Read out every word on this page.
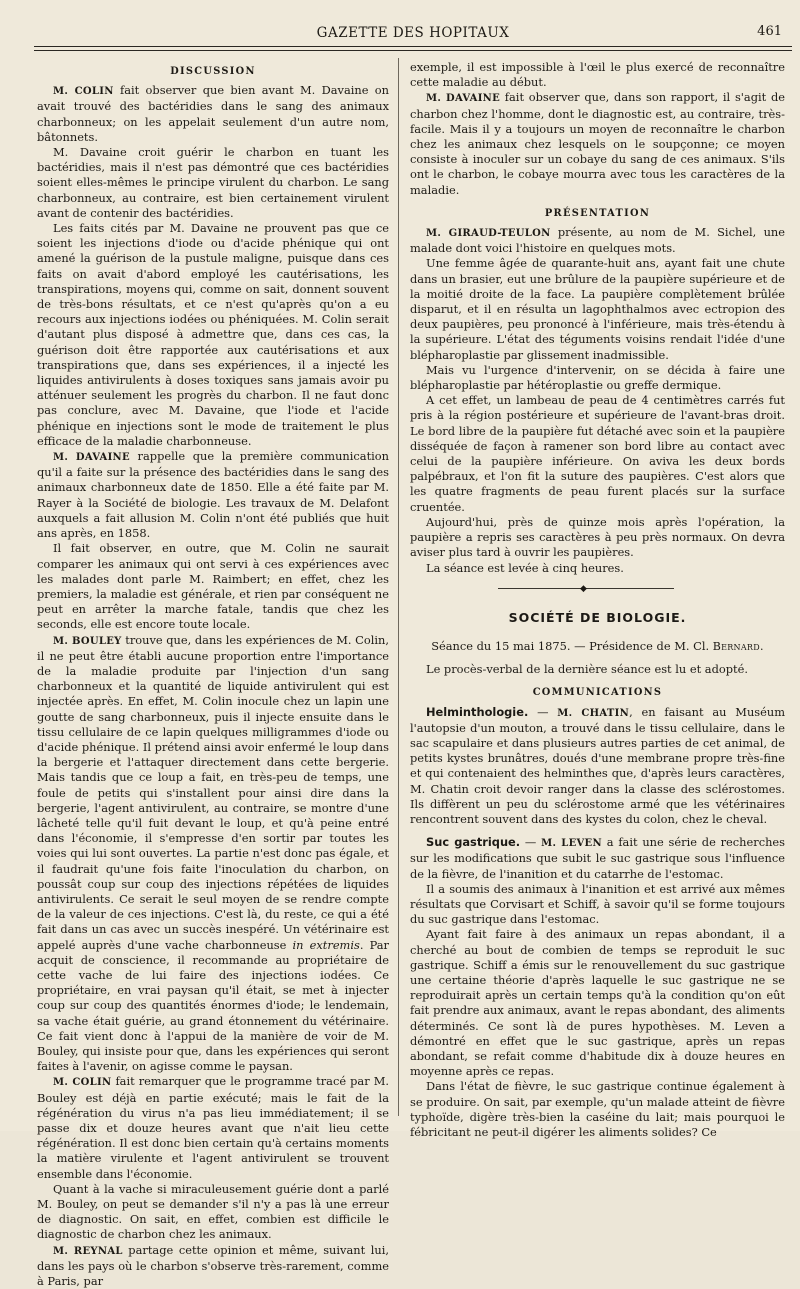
GAZETTE DES HOPITAUX	461
DISCUSSION

M. COLIN fait observer que bien avant M. Davaine on avait trouvé des bactéridies dans le sang des animaux charbonneux; on les appelait seulement d'un autre nom, bâtonnets.

M. Davaine croit guérir le charbon en tuant les bactéridies, mais il n'est pas démontré que ces bactéridies soient elles-mêmes le principe virulent du charbon. Le sang charbonneux, au contraire, est bien certainement virulent avant de contenir des bactéridies.

Les faits cités par M. Davaine ne prouvent pas que ce soient les injections d'iode ou d'acide phénique qui ont amené la guérison de la pustule maligne, puisque dans ces faits on avait d'abord employé les cautérisations, les transpirations, moyens qui, comme on sait, donnent souvent de très-bons résultats, et ce n'est qu'après qu'on a eu recours aux injections iodées ou phéniquées. M. Colin serait d'autant plus disposé à admettre que, dans ces cas, la guérison doit être rapportée aux cautérisations et aux transpirations que, dans ses expériences, il a injecté les liquides antivirulents à doses toxiques sans jamais avoir pu atténuer seulement les progrès du charbon. Il ne faut donc pas conclure, avec M. Davaine, que l'iode et l'acide phénique en injections sont le mode de traitement le plus efficace de la maladie charbonneuse.

M. DAVAINE rappelle que la première communication qu'il a faite sur la présence des bactéridies dans le sang des animaux charbonneux date de 1850. Elle a été faite par M. Rayer à la Société de biologie. Les travaux de M. Delafont auxquels a fait allusion M. Colin n'ont été publiés que huit ans après, en 1858.

Il fait observer, en outre, que M. Colin ne saurait comparer les animaux qui ont servi à ces expériences avec les malades dont parle M. Raimbert; en effet, chez les premiers, la maladie est générale, et rien par conséquent ne peut en arrêter la marche fatale, tandis que chez les seconds, elle est encore toute locale.

M. BOULEY trouve que, dans les expériences de M. Colin, il ne peut être établi aucune proportion entre l'importance de la maladie produite par l'injection d'un sang charbonneux et la quantité de liquide antivirulent qui est injectée après. En effet, M. Colin inocule chez un lapin une goutte de sang charbonneux, puis il injecte ensuite dans le tissu cellulaire de ce lapin quelques milligrammes d'iode ou d'acide phénique. Il prétend ainsi avoir enfermé le loup dans la bergerie et l'attaquer directement dans cette bergerie. Mais tandis que ce loup a fait, en très-peu de temps, une foule de petits qui s'installent pour ainsi dire dans la bergerie, l'agent antivirulent, au contraire, se montre d'une lâcheté telle qu'il fuit devant le loup, et qu'à peine entré dans l'économie, il s'empresse d'en sortir par toutes les voies qui lui sont ouvertes. La partie n'est donc pas égale, et il faudrait qu'une fois faite l'inoculation du charbon, on poussât coup sur coup des injections répétées de liquides antivirulents. Ce serait le seul moyen de se rendre compte de la valeur de ces injections. C'est là, du reste, ce qui a été fait dans un cas avec un succès inespéré. Un vétérinaire est appelé auprès d'une vache charbonneuse in extremis. Par acquit de conscience, il recommande au propriétaire de cette vache de lui faire des injections iodées. Ce propriétaire, en vrai paysan qu'il était, se met à injecter coup sur coup des quantités énormes d'iode; le lendemain, sa vache était guérie, au grand étonnement du vétérinaire. Ce fait vient donc à l'appui de la manière de voir de M. Bouley, qui insiste pour que, dans les expériences qui seront faites à l'avenir, on agisse comme le paysan.

M. COLIN fait remarquer que le programme tracé par M. Bouley est déjà en partie exécuté; mais le fait de la régénération du virus n'a pas lieu immédiatement; il se passe dix et douze heures avant que n'ait lieu cette régénération. Il est donc bien certain qu'à certains moments la matière virulente et l'agent antivirulent se trouvent ensemble dans l'économie.

Quant à la vache si miraculeusement guérie dont a parlé M. Bouley, on peut se demander s'il n'y a pas là une erreur de diagnostic. On sait, en effet, combien est difficile le diagnostic de charbon chez les animaux.

M. REYNAL partage cette opinion et même, suivant lui, dans les pays où le charbon s'observe très-rarement, comme à Paris, par

exemple, il est impossible à l'œil le plus exercé de reconnaître cette maladie au début.

M. DAVAINE fait observer que, dans son rapport, il s'agit de charbon chez l'homme, dont le diagnostic est, au contraire, très-facile. Mais il y a toujours un moyen de reconnaître le charbon chez les animaux chez lesquels on le soupçonne; ce moyen consiste à inoculer sur un cobaye du sang de ces animaux. S'ils ont le charbon, le cobaye mourra avec tous les caractères de la maladie.

PRÉSENTATION

M. GIRAUD-TEULON présente, au nom de M. Sichel, une malade dont voici l'histoire en quelques mots.

Une femme âgée de quarante-huit ans, ayant fait une chute dans un brasier, eut une brûlure de la paupière supérieure et de la moitié droite de la face. La paupière complètement brûlée disparut, et il en résulta un lagophthalmos avec ectropion des deux paupières, peu prononcé à l'inférieure, mais très-étendu à la supérieure. L'état des téguments voisins rendait l'idée d'une blépharoplastie par glissement inadmissible.

Mais vu l'urgence d'intervenir, on se décida à faire une blépharoplastie par hétéroplastie ou greffe dermique.

A cet effet, un lambeau de peau de 4 centimètres carrés fut pris à la région postérieure et supérieure de l'avant-bras droit. Le bord libre de la paupière fut détaché avec soin et la paupière disséquée de façon à ramener son bord libre au contact avec celui de la paupière inférieure. On aviva les deux bords palpébraux, et l'on fit la suture des paupières. C'est alors que les quatre fragments de peau furent placés sur la surface cruentée.

Aujourd'hui, près de quinze mois après l'opération, la paupière a repris ses caractères à peu près normaux. On devra aviser plus tard à ouvrir les paupières.

La séance est levée à cinq heures.

◆
SOCIÉTÉ DE BIOLOGIE.

Séance du 15 mai 1875. — Présidence de M. Cl. Bernard.

Le procès-verbal de la dernière séance est lu et adopté.

COMMUNICATIONS

Helminthologie. — M. CHATIN, en faisant au Muséum l'autopsie d'un mouton, a trouvé dans le tissu cellulaire, dans le sac scapulaire et dans plusieurs autres parties de cet animal, de petits kystes brunâtres, doués d'une membrane propre très-fine et qui contenaient des helminthes que, d'après leurs caractères, M. Chatin croit devoir ranger dans la classe des sclérostomes. Ils diffèrent un peu du sclérostome armé que les vétérinaires rencontrent souvent dans des kystes du colon, chez le cheval.

Suc gastrique. — M. LEVEN a fait une série de recherches sur les modifications que subit le suc gastrique sous l'influence de la fièvre, de l'inanition et du catarrhe de l'estomac.

Il a soumis des animaux à l'inanition et est arrivé aux mêmes résultats que Corvisart et Schiff, à savoir qu'il se forme toujours du suc gastrique dans l'estomac.

Ayant fait faire à des animaux un repas abondant, il a cherché au bout de combien de temps se reproduit le suc gastrique. Schiff a émis sur le renouvellement du suc gastrique une certaine théorie d'après laquelle le suc gastrique ne se reproduirait après un certain temps qu'à la condition qu'on eût fait prendre aux animaux, avant le repas abondant, des aliments déterminés. Ce sont là de pures hypothèses. M. Leven a démontré en effet que le suc gastrique, après un repas abondant, se refait comme d'habitude dix à douze heures en moyenne après ce repas.

Dans l'état de fièvre, le suc gastrique continue également à se produire. On sait, par exemple, qu'un malade atteint de fièvre typhoïde, digère très-bien la caséine du lait; mais pourquoi le fébricitant ne peut-il digérer les aliments solides? Ce
